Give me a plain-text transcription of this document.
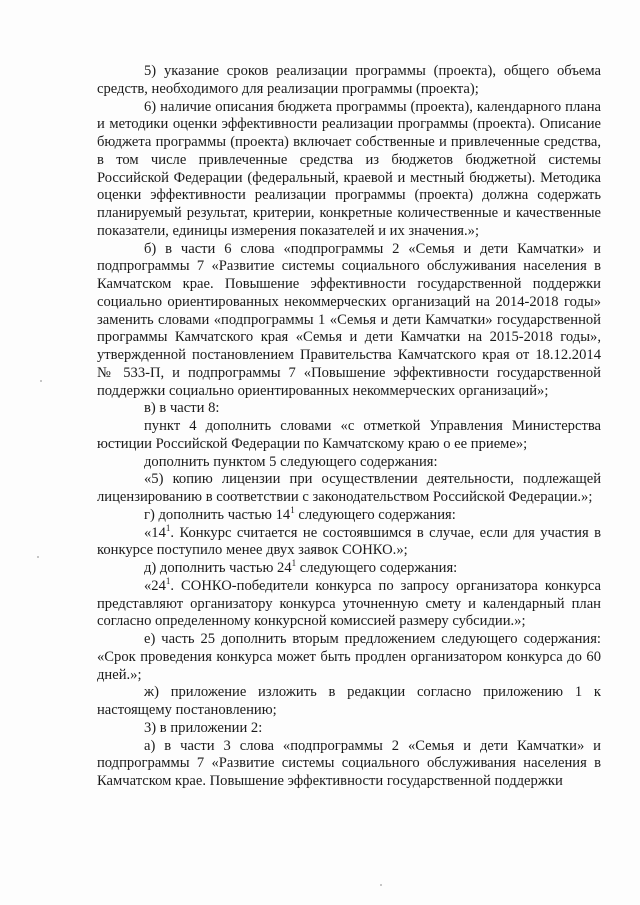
5) указание сроков реализации программы (проекта), общего объема средств, необходимого для реализации программы (проекта);

6) наличие описания бюджета программы (проекта), календарного плана и методики оценки эффективности реализации программы (проекта). Описание бюджета программы (проекта) включает собственные и привлеченные средства, в том числе привлеченные средства из бюджетов бюджетной системы Российской Федерации (федеральный, краевой и местный бюджеты). Методика оценки эффективности реализации программы (проекта) должна содержать планируемый результат, критерии, конкретные количественные и качественные показатели, единицы измерения показателей и их значения.»;

б) в части 6 слова «подпрограммы 2 «Семья и дети Камчатки» и подпрограммы 7 «Развитие системы социального обслуживания населения в Камчатском крае. Повышение эффективности государственной поддержки социально ориентированных некоммерческих организаций на 2014-2018 годы» заменить словами «подпрограммы 1 «Семья и дети Камчатки» государственной программы Камчатского края «Семья и дети Камчатки на 2015-2018 годы», утвержденной постановлением Правительства Камчатского края от 18.12.2014 № 533-П, и подпрограммы 7 «Повышение эффективности государственной поддержки социально ориентированных некоммерческих организаций»;

в) в части 8:

пункт 4 дополнить словами «с отметкой Управления Министерства юстиции Российской Федерации по Камчатскому краю о ее приеме»;

дополнить пунктом 5 следующего содержания:

«5) копию лицензии при осуществлении деятельности, подлежащей лицензированию в соответствии с законодательством Российской Федерации.»;

г) дополнить частью $14^1$ следующего содержания:

«$14^1$. Конкурс считается не состоявшимся в случае, если для участия в конкурсе поступило менее двух заявок СОНКО.»;

д) дополнить частью $24^1$ следующего содержания:

«$24^1$. СОНКО-победители конкурса по запросу организатора конкурса представляют организатору конкурса уточненную смету и календарный план согласно определенному конкурсной комиссией размеру субсидии.»;

е) часть 25 дополнить вторым предложением следующего содержания: «Срок проведения конкурса может быть продлен организатором конкурса до 60 дней.»;

ж) приложение изложить в редакции согласно приложению 1 к настоящему постановлению;

3) в приложении 2:

а) в части 3 слова «подпрограммы 2 «Семья и дети Камчатки» и подпрограммы 7 «Развитие системы социального обслуживания населения в Камчатском крае. Повышение эффективности государственной поддержки
